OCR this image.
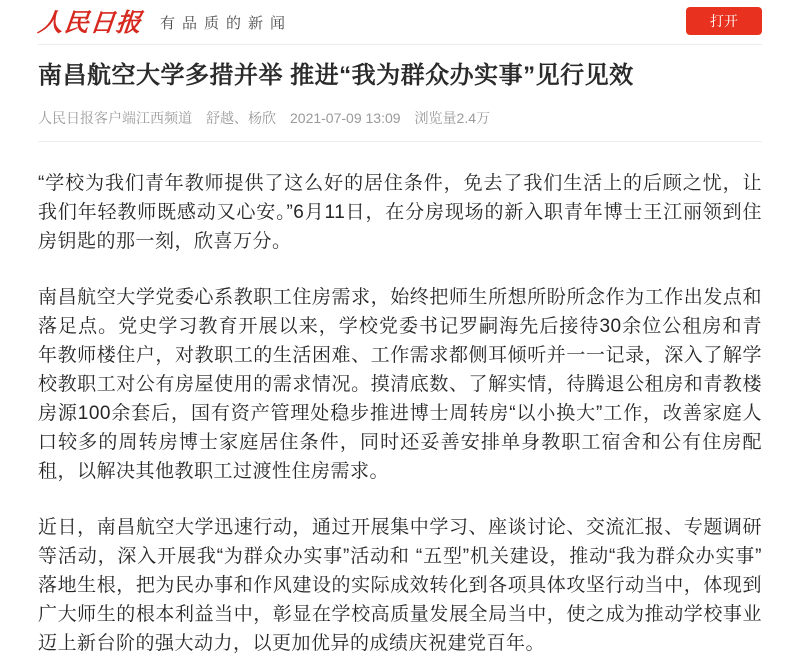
人民日报 有品质的新闻	打开
南昌航空大学多措并举 推进“我为群众办实事”见行见效
人民日报客户端江西频道 舒越、杨欣 2021-07-09 13:09 浏览量2.4万

“学校为我们青年教师提供了这么好的居住条件，免去了我们生活上的后顾之忧，让我们年轻教师既感动又心安。”6月11日，在分房现场的新入职青年博士王江丽领到住房钥匙的那一刻，欣喜万分。

南昌航空大学党委心系教职工住房需求，始终把师生所想所盼所念作为工作出发点和落足点。党史学习教育开展以来，学校党委书记罗嗣海先后接待30余位公租房和青年教师楼住户，对教职工的生活困难、工作需求都侧耳倾听并一一记录，深入了解学校教职工对公有房屋使用的需求情况。摸清底数、了解实情，待腾退公租房和青教楼房源100余套后，国有资产管理处稳步推进博士周转房“以小换大”工作，改善家庭人口较多的周转房博士家庭居住条件，同时还妥善安排单身教职工宿舍和公有住房配租，以解决其他教职工过渡性住房需求。

近日，南昌航空大学迅速行动，通过开展集中学习、座谈讨论、交流汇报、专题调研等活动，深入开展我“为群众办实事”活动和 “五型”机关建设，推动“我为群众办实事”落地生根，把为民办事和作风建设的实际成效转化到各项具体攻坚行动当中，体现到广大师生的根本利益当中，彰显在学校高质量发展全局当中，使之成为推动学校事业迈上新台阶的强大动力，以更加优异的成绩庆祝建党百年。
